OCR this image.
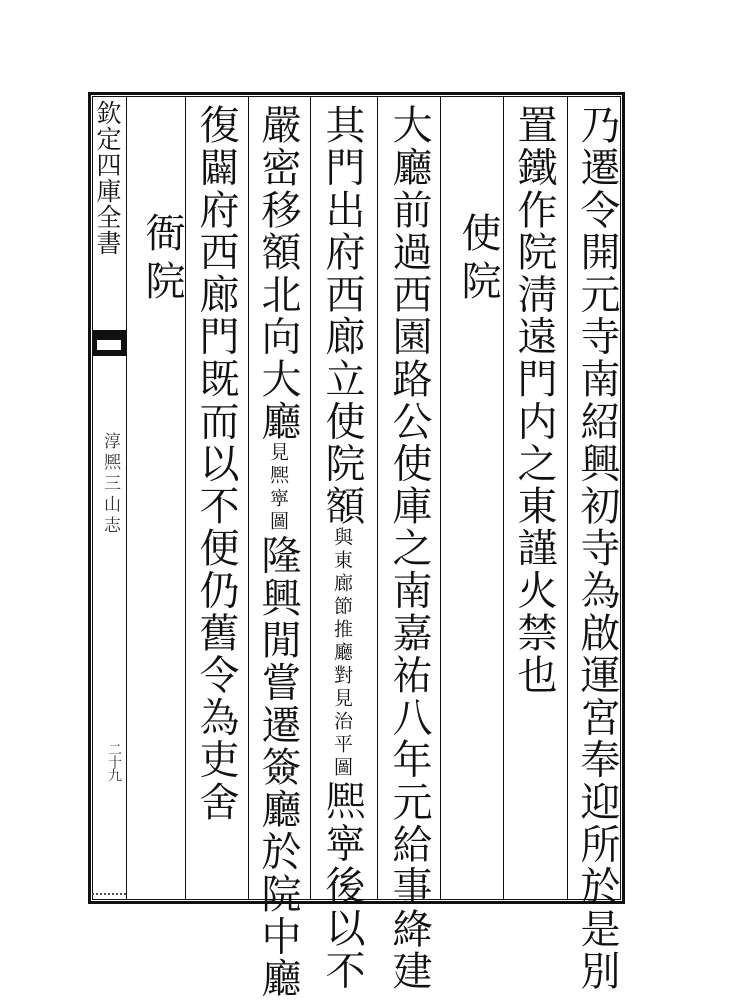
欽定四庫全書
淳熈三山志
二十九	乃遷令開元寺南紹興初寺為啟運宮奉迎所於是別
置鐵作院淸遠門内之東謹火禁也
使院
大廳前過西園路公使庫之南嘉祐八年元給事絳建
其門出府西廊立使院額與東廊節推廳對見治平圖熈寜後以不
嚴密移額北向大廳見熈寜圖隆興閒嘗遷簽廳於院中廳
復闢府西廊門既而以不便仍舊令為吏舍
衙院
